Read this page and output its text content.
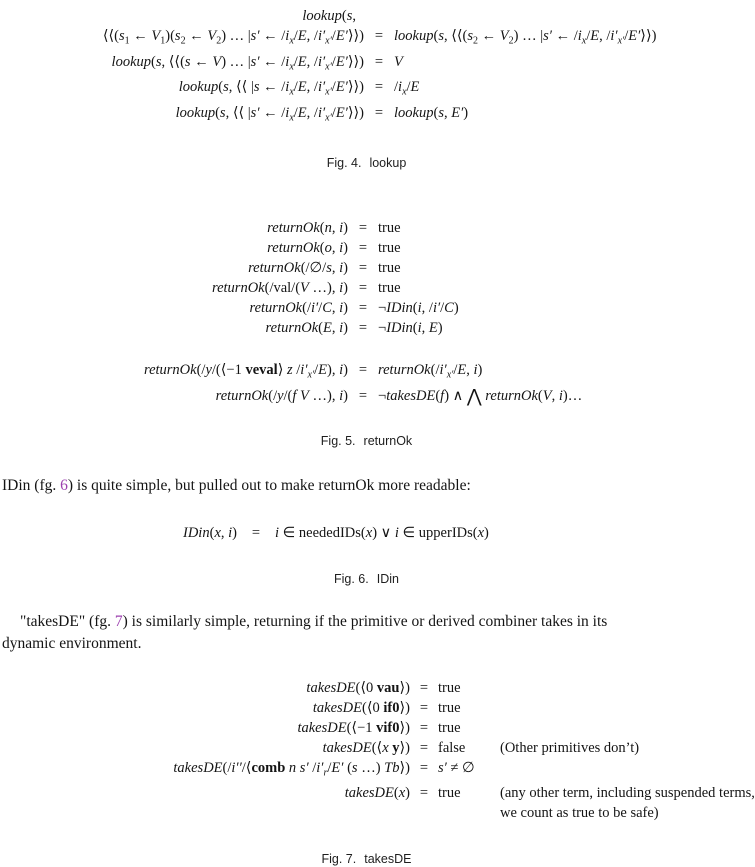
lookup(s,
$⟨⟨(s_1$ ← $V_1)(s_2$ ← $V_2$) … |s′ ← $/i_x/E$, $/i'_{x'}/E'⟩⟩$) = lookup(s, $⟨⟨(s_2$ ← $V_2$) … |s′ ← $/i_x/E$, $/i'_{x'}/E'⟩⟩$)
lookup(s, ⟨⟨(s ← V) … |s′ ← $/i_x/E$, $/i'_{x'}/E'⟩⟩) = V$
lookup(s, ⟨⟨ |s ← $/i_x/E$, $/i'_{x'}/E'⟩⟩) = /i_x/E$
lookup(s, ⟨⟨ |s′ ← $/i_x/E$, $/i'_{x'}/E'⟩⟩$) = lookup(s, E′)
Fig. 4. lookup
returnOk(n, i) = true
returnOk(o, i) = true
returnOk(/∅/s, i) = true
returnOk(/val/(V …), i) = true
returnOk(/i′/C, i) = ¬IDin(i, /i′/C)
returnOk(E, i) = ¬IDin(i, E)
returnOk(/y/(⟨−1 veval⟩ z $/i'_{x'}/E$), $i) = returnOk(/i'_{x'}/E$, i)
returnOk(/y/(f V …), i) = ¬takesDE(f) ∧ ⋀ returnOk(V, i)…
Fig. 5. returnOk

IDin (fg. 6) is quite simple, but pulled out to make returnOk more readable:

IDin(x, i)	=	i ∈ neededIDs(x) ∨ i ∈ upperIDs(x)
Fig. 6. IDin

"takesDE" (fg. 7) is similarly simple, returning if the primitive or derived combiner takes in its

dynamic environment.

takesDE(⟨0 vau⟩) = true
takesDE(⟨0 if0⟩) = true
takesDE(⟨−1 vif0⟩) = true
takesDE(⟨x y⟩) = false	(Other primitives don’t)
takesDE(/i′′/⟨comb n s′ $/i'_r/E'$ (s …) Tb⟩) = s′ ≠ ∅
takesDE(x) = true	(any other term, including suspended terms,
we count as true to be safe)
Fig. 7. takesDE
